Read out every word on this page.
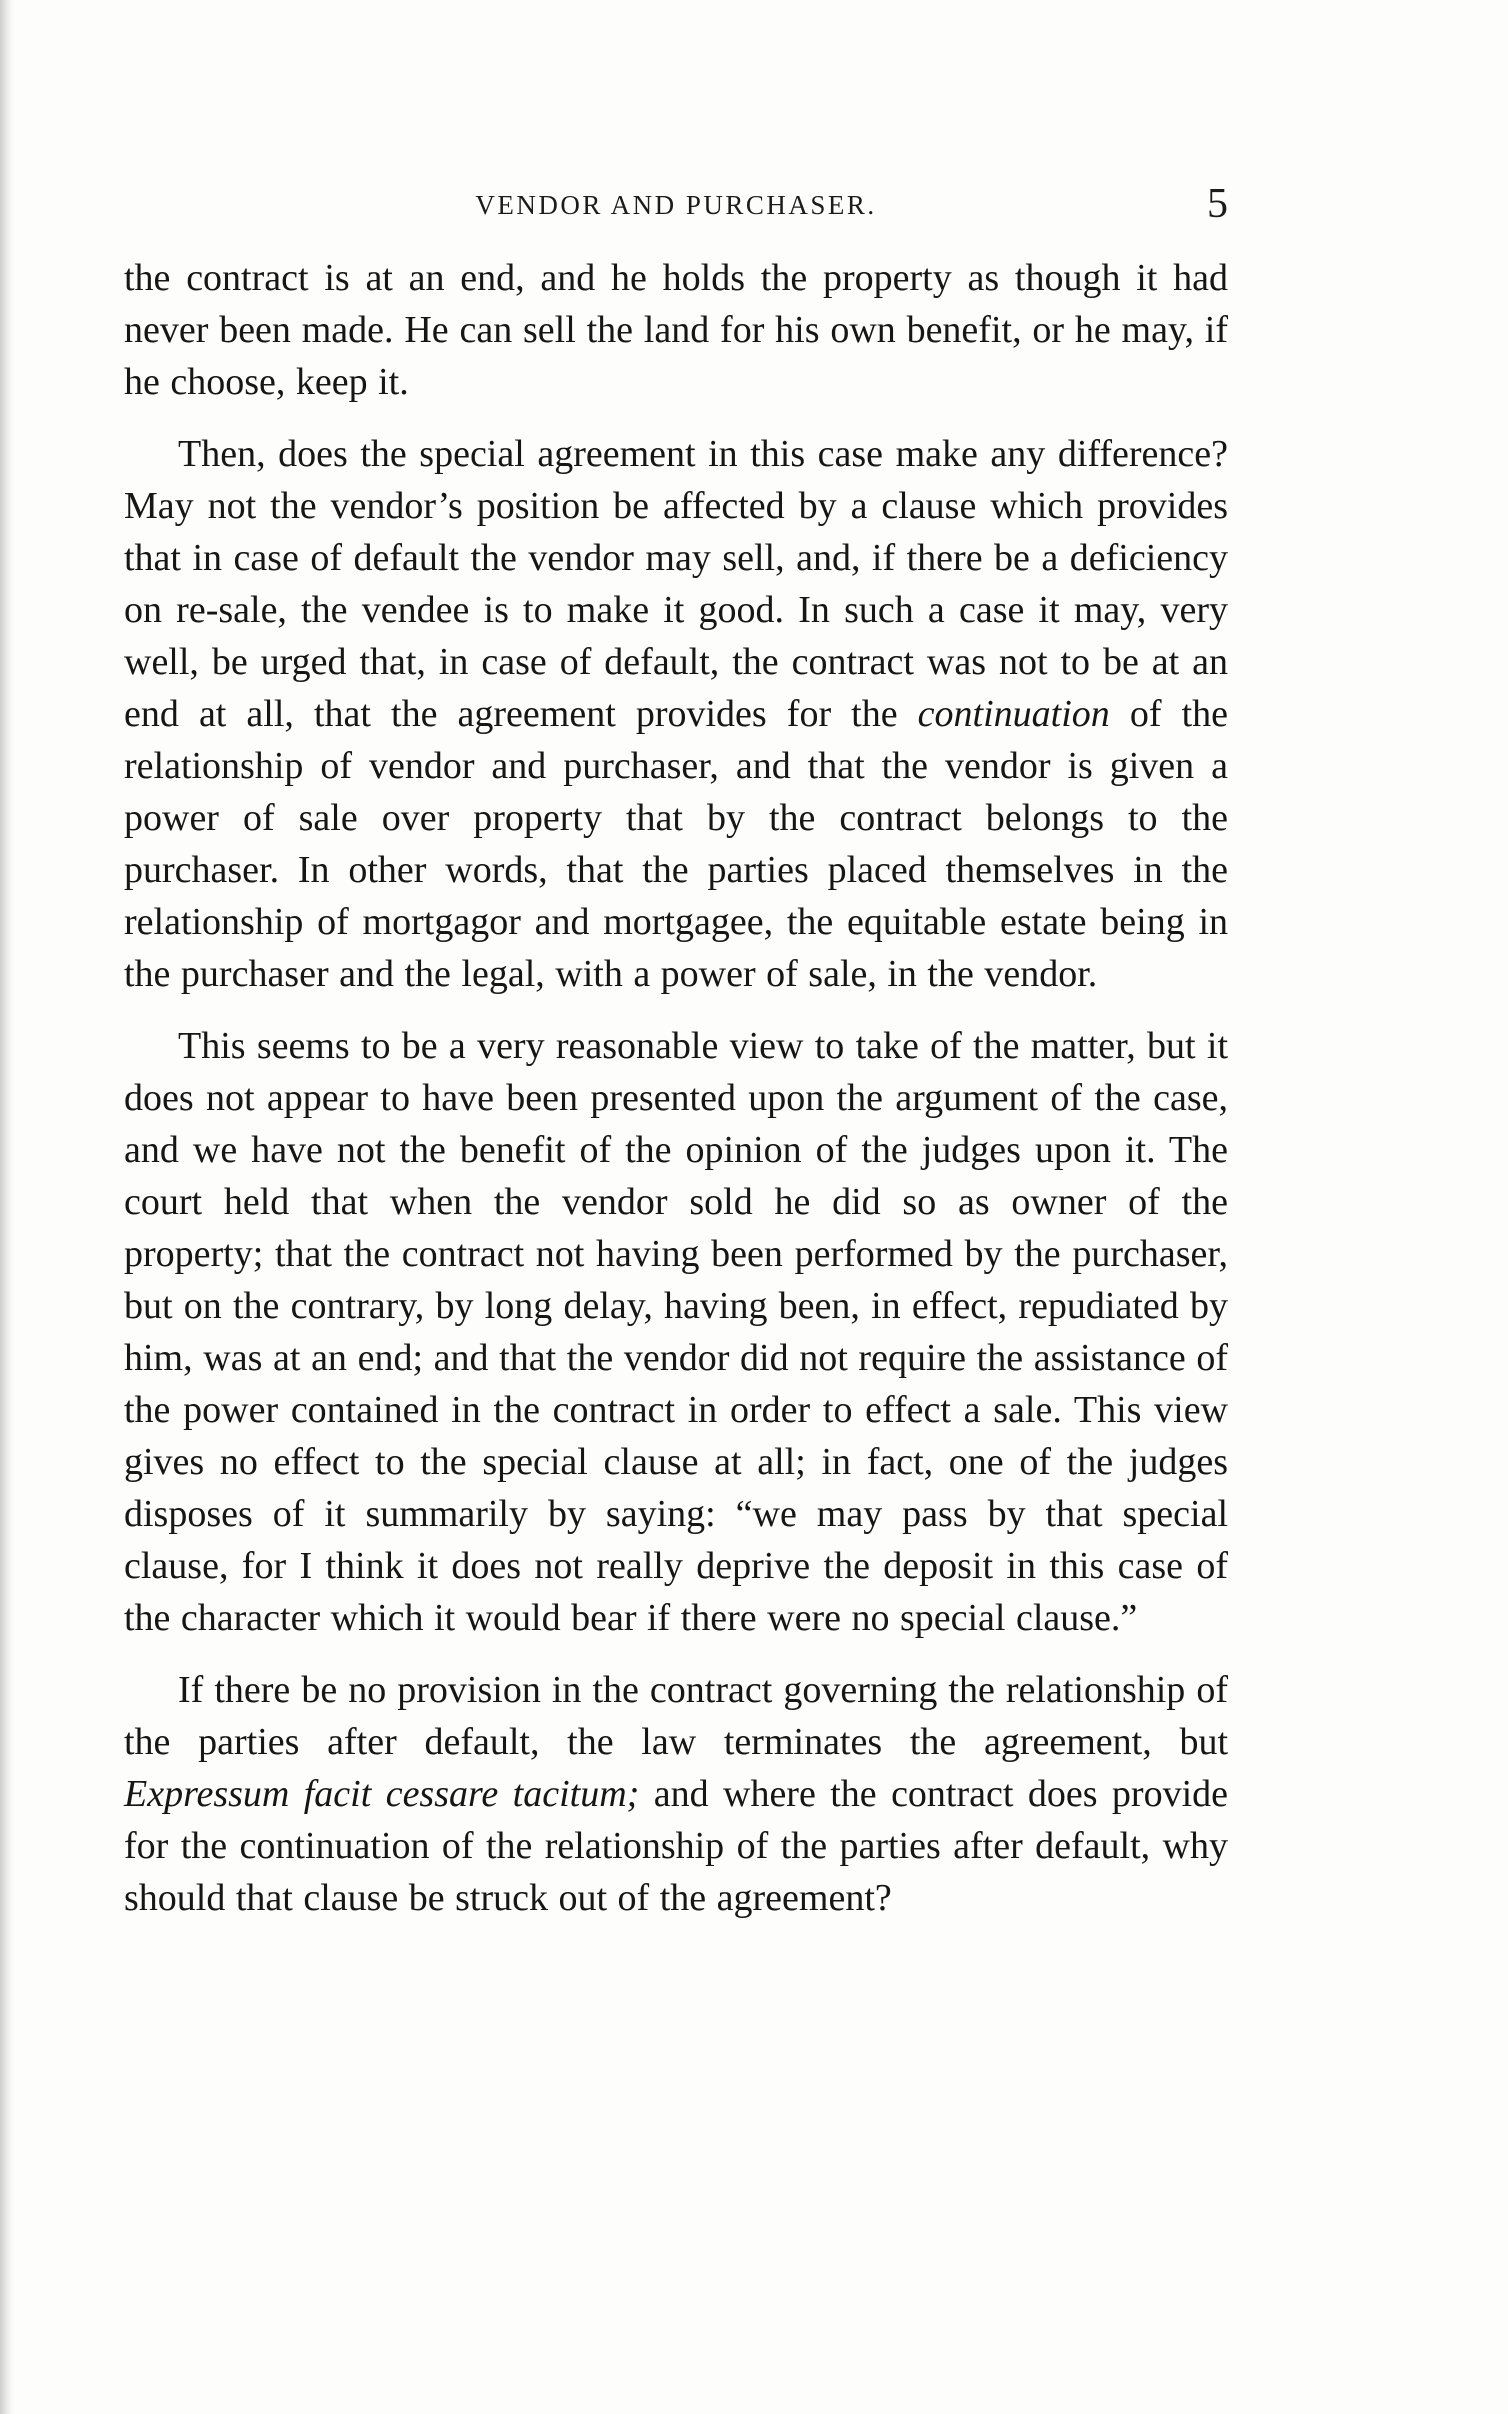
VENDOR AND PURCHASER.	5

the contract is at an end, and he holds the property as though it had never been made. He can sell the land for his own benefit, or he may, if he choose, keep it.

Then, does the special agreement in this case make any difference? May not the vendor’s position be affected by a clause which provides that in case of default the vendor may sell, and, if there be a deficiency on re-sale, the vendee is to make it good. In such a case it may, very well, be urged that, in case of default, the contract was not to be at an end at all, that the agreement provides for the continuation of the relationship of vendor and purchaser, and that the vendor is given a power of sale over property that by the contract belongs to the purchaser. In other words, that the parties placed themselves in the relationship of mortgagor and mortgagee, the equitable estate being in the purchaser and the legal, with a power of sale, in the vendor.

This seems to be a very reasonable view to take of the matter, but it does not appear to have been presented upon the argument of the case, and we have not the benefit of the opinion of the judges upon it. The court held that when the vendor sold he did so as owner of the property; that the contract not having been performed by the purchaser, but on the contrary, by long delay, having been, in effect, repudiated by him, was at an end; and that the vendor did not require the assistance of the power contained in the contract in order to effect a sale. This view gives no effect to the special clause at all; in fact, one of the judges disposes of it summarily by saying: “we may pass by that special clause, for I think it does not really deprive the deposit in this case of the character which it would bear if there were no special clause.”

If there be no provision in the contract governing the relationship of the parties after default, the law terminates the agreement, but Expressum facit cessare tacitum; and where the contract does provide for the continuation of the relationship of the parties after default, why should that clause be struck out of the agreement?
